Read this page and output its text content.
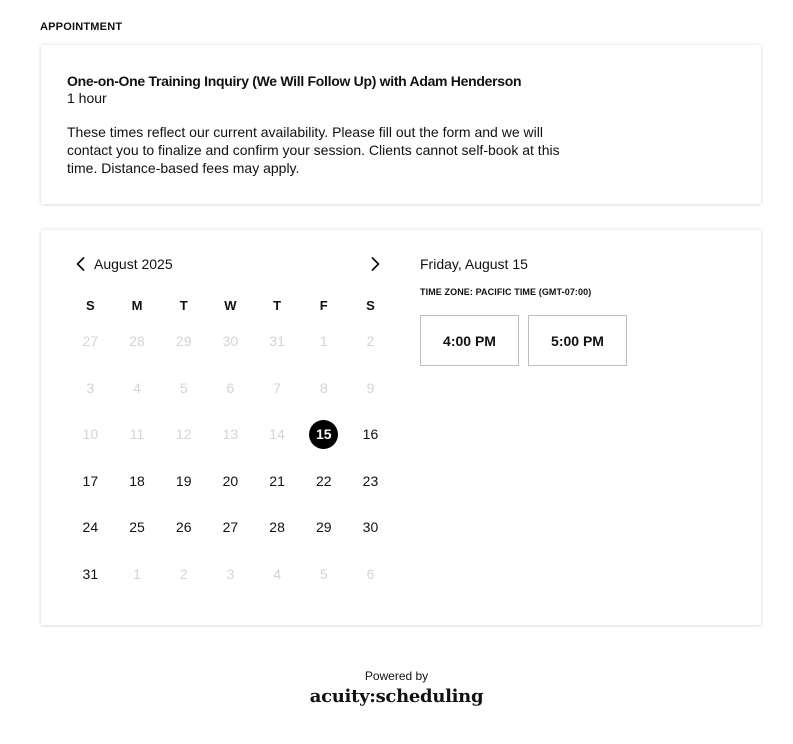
APPOINTMENT
One-on-One Training Inquiry (We Will Follow Up) with Adam Henderson
1 hour
These times reflect our current availability. Please fill out the form and we will contact you to finalize and confirm your session. Clients cannot self-book at this time. Distance-based fees may apply.
August 2025
S	M	T	W	T	F	S
27	28	29	30	31	1	2
3	4	5	6	7	8	9
10	11	12	13	14	15	16
17	18	19	20	21	22	23
24	25	26	27	28	29	30
31	1	2	3	4	5	6
Friday, August 15
TIME ZONE: PACIFIC TIME (GMT-07:00)
4:00 PM	5:00 PM
Powered by
acuity:scheduling
